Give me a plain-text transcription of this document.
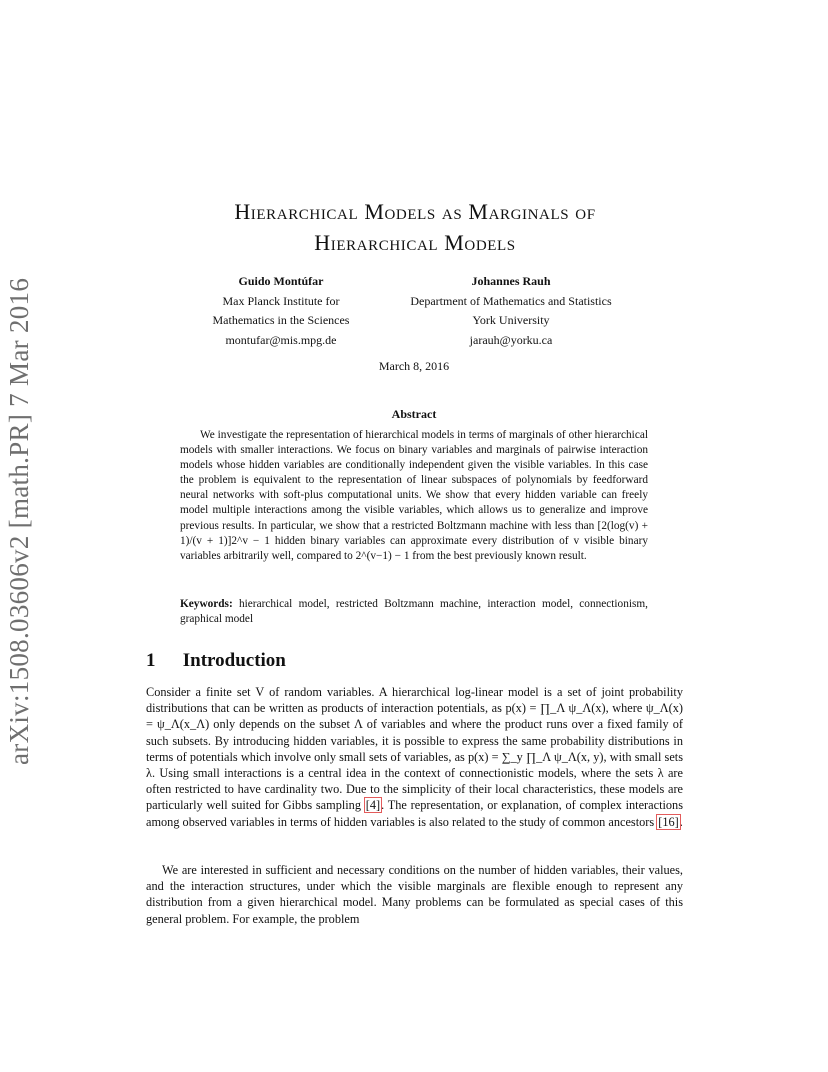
arXiv:1508.03606v2 [math.PR] 7 Mar 2016
Hierarchical Models as Marginals of
Hierarchical Models
Guido Montúfar
Max Planck Institute for
Mathematics in the Sciences
montufar@mis.mpg.de
Johannes Rauh
Department of Mathematics and Statistics
York University
jarauh@yorku.ca
March 8, 2016
Abstract

We investigate the representation of hierarchical models in terms of marginals of other hierarchical models with smaller interactions. We focus on binary variables and marginals of pairwise interaction models whose hidden variables are conditionally independent given the visible variables. In this case the problem is equivalent to the representation of linear subspaces of polynomials by feedforward neural networks with soft-plus computational units. We show that every hidden variable can freely model multiple interactions among the visible variables, which allows us to generalize and improve previous results. In particular, we show that a restricted Boltzmann machine with less than [2(log(v) + 1)/(v + 1)]2^v − 1 hidden binary variables can approximate every distribution of v visible binary variables arbitrarily well, compared to 2^(v−1) − 1 from the best previously known result.

Keywords: hierarchical model, restricted Boltzmann machine, interaction model, connectionism, graphical model

1 Introduction

Consider a finite set V of random variables. A hierarchical log-linear model is a set of joint probability distributions that can be written as products of interaction potentials, as p(x) = ∏_Λ ψ_Λ(x), where ψ_Λ(x) = ψ_Λ(x_Λ) only depends on the subset Λ of variables and where the product runs over a fixed family of such subsets. By introducing hidden variables, it is possible to express the same probability distributions in terms of potentials which involve only small sets of variables, as p(x) = ∑_y ∏_Λ ψ_Λ(x, y), with small sets λ. Using small interactions is a central idea in the context of connectionistic models, where the sets λ are often restricted to have cardinality two. Due to the simplicity of their local characteristics, these models are particularly well suited for Gibbs sampling [4]. The representation, or explanation, of complex interactions among observed variables in terms of hidden variables is also related to the study of common ancestors [16].

We are interested in sufficient and necessary conditions on the number of hidden variables, their values, and the interaction structures, under which the visible marginals are flexible enough to represent any distribution from a given hierarchical model. Many problems can be formulated as special cases of this general problem. For example, the problem
